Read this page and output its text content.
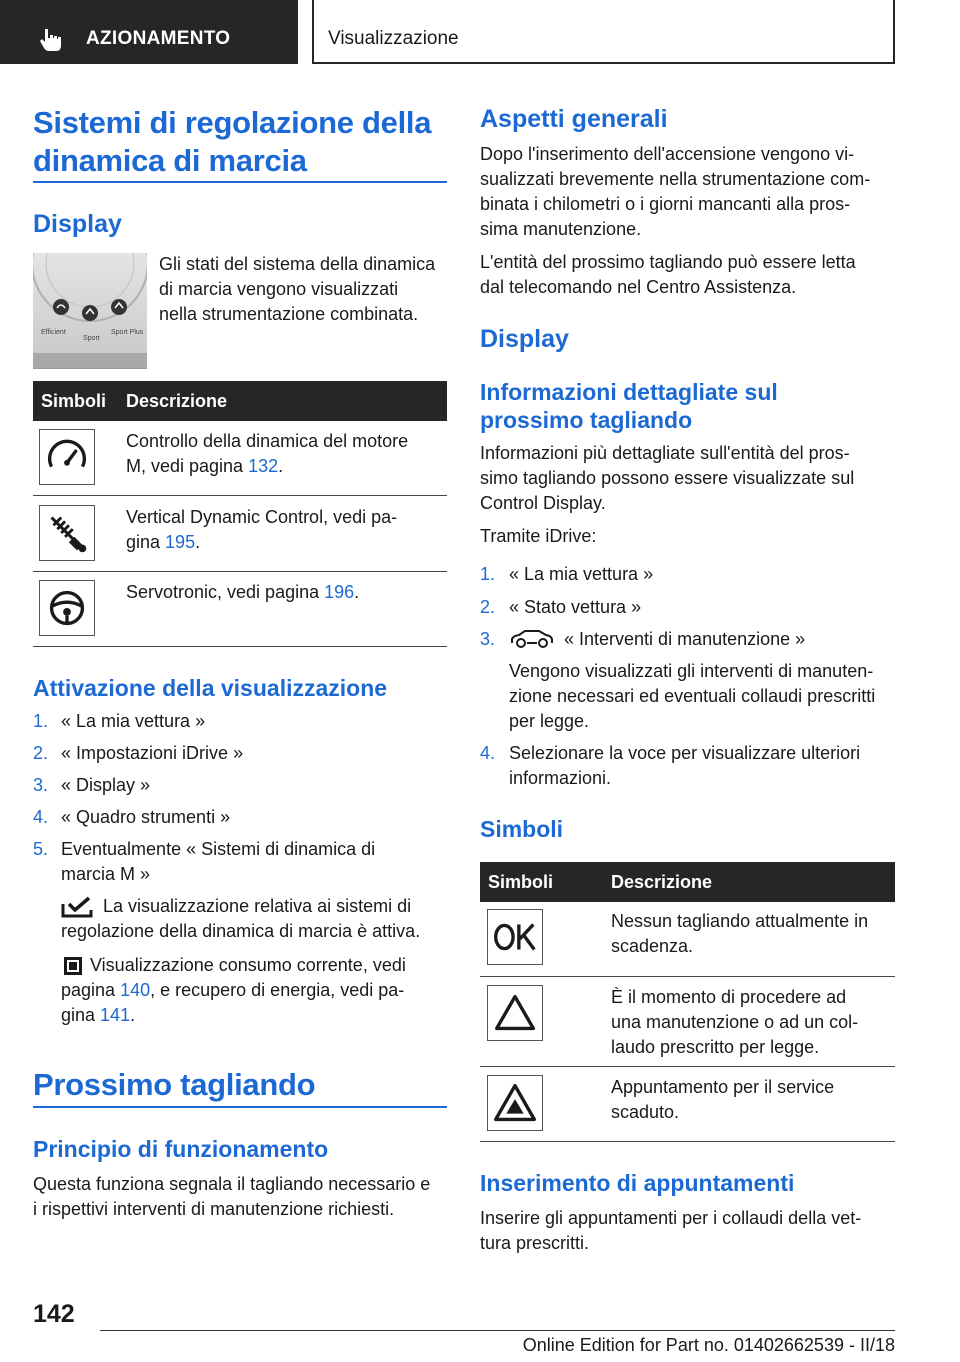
AZIONAMENTO	Visualizzazione
Sistemi di regolazione della
dinamica di marcia
Display
Efficient
Sport
Sport Plus
Gli stati del sistema della dinamica
di marcia vengono visualizzati
nella strumentazione combinata.
Simboli Descrizione
Controllo della dinamica del motore
M, vedi pagina 132.
Vertical Dynamic Control, vedi pa-
gina 195.
Servotronic, vedi pagina 196.
Attivazione della visualizzazione
1. « La mia vettura »
2. « Impostazioni iDrive »
3. « Display »
4. « Quadro strumenti »
5. Eventualmente « Sistemi di dinamica di
marcia M »
La visualizzazione relativa ai sistemi di
regolazione della dinamica di marcia è attiva.
Visualizzazione consumo corrente, vedi
pagina 140, e recupero di energia, vedi pa-
gina 141.
Prossimo tagliando
Principio di funzionamento
Questa funziona segnala il tagliando necessario e
i rispettivi interventi di manutenzione richiesti.
Aspetti generali
Dopo l'inserimento dell'accensione vengono vi-
sualizzati brevemente nella strumentazione com-
binata i chilometri o i giorni mancanti alla pros-
sima manutenzione.
L'entità del prossimo tagliando può essere letta
dal telecomando nel Centro Assistenza.
Display
Informazioni dettagliate sul
prossimo tagliando
Informazioni più dettagliate sull'entità del pros-
simo tagliando possono essere visualizzate sul
Control Display.
Tramite iDrive:
1. « La mia vettura »
2. « Stato vettura »
3.	« Interventi di manutenzione »
Vengono visualizzati gli interventi di manuten-
zione necessari ed eventuali collaudi prescritti
per legge.
4. Selezionare la voce per visualizzare ulteriori
informazioni.
Simboli
Simboli	Descrizione
Nessun tagliando attualmente in
scadenza.
È il momento di procedere ad
una manutenzione o ad un col-
laudo prescritto per legge.
Appuntamento per il service
scaduto.
Inserimento di appuntamenti
Inserire gli appuntamenti per i collaudi della vet-
tura prescritti.
142
Online Edition for Part no. 01402662539 - II/18
